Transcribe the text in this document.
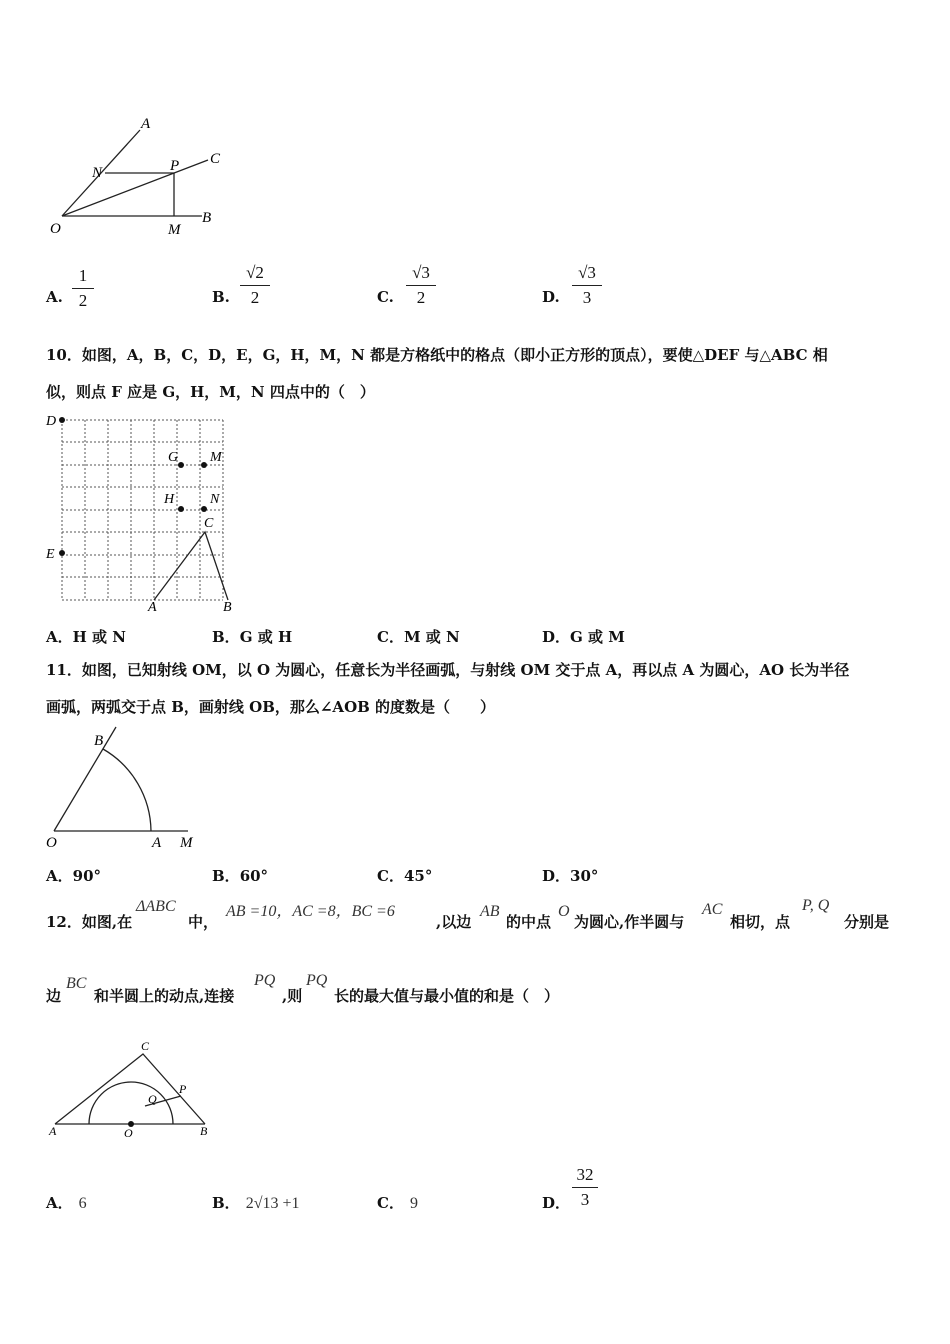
A
N	P C
O	M
B
A.
1
2	B.
√2
2	C.
√3
2	D.
√3
3
10．如图，A，B，C，D，E，G，H，M，N 都是方格纸中的格点（即小正方形的顶点），要使△DEF 与△ABC 相
似，则点 F 应是 G，H，M，N 四点中的（　）
D
E
G M
H	N
C
A	B
A．H 或 N	B．G 或 H	C．M 或 N	D．G 或 M
11．如图，已知射线 OM，以 O 为圆心，任意长为半径画弧，与射线 OM 交于点 A，再以点 A 为圆心，AO 长为半径
画弧，两弧交于点 B，画射线 OB，那么∠AOB 的度数是（　　）
B
O	A M
A．90°	B．60°	C．45°	D．30°
12．如图,在
ΔABC
中，
AB =10，AC =8，BC =6
,以边
AB
的中点
O
为圆心,作半圆与
AC
相切，点
P, Q
分别是
边
BC
和半圆上的动点,连接
PQ
,则
PQ
长的最大值与最小值的和是（　）
C
P
Q
A	O	B
A． 6	B． 2√13 +1	C． 9	D．
32
3
